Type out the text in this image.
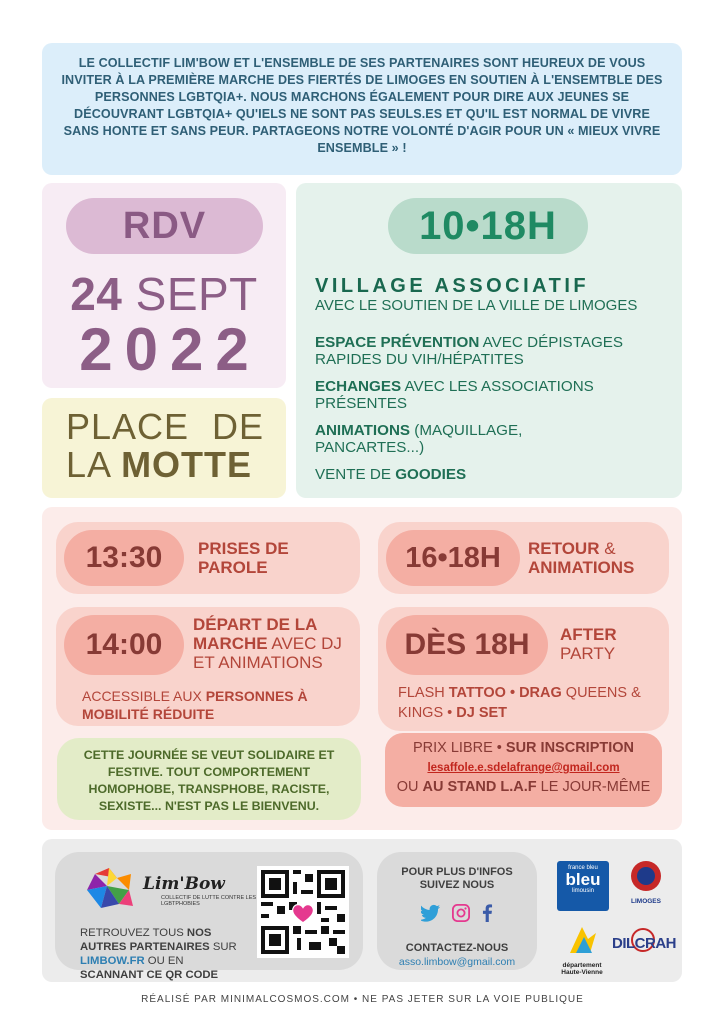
LE COLLECTIF LIM'BOW ET L'ENSEMBLE DE SES PARTENAIRES SONT HEUREUX DE VOUS INVITER À LA PREMIÈRE MARCHE DES FIERTÉS DE LIMOGES EN SOUTIEN À L'ENSEMTBLE DES PERSONNES LGBTQIA+. NOUS MARCHONS ÉGALEMENT POUR DIRE AUX JEUNES SE DÉCOUVRANT LGBTQIA+ QU'IELS NE SONT PAS SEULS.ES ET QU'IL EST NORMAL DE VIVRE SANS HONTE ET SANS PEUR. PARTAGEONS NOTRE VOLONTÉ D'AGIR POUR UN « MIEUX VIVRE ENSEMBLE » !
RDV
24 SEPT
2022
PLACE DE
LA MOTTE
10•18H
VILLAGE ASSOCIATIF
AVEC LE SOUTIEN DE LA VILLE DE LIMOGES
ESPACE PRÉVENTION AVEC DÉPISTAGES RAPIDES DU VIH/HÉPATITES
ECHANGES AVEC LES ASSOCIATIONS PRÉSENTES
ANIMATIONS (MAQUILLAGE, PANCARTES...)
VENTE DE GOODIES
13:30	PRISES DE PAROLE	16•18H	RETOUR &
ANIMATIONS
14:00
DÉPART DE LA MARCHE AVEC DJ ET ANIMATIONS
ACCESSIBLE AUX PERSONNES À MOBILITÉ RÉDUITE
DÈS 18H	AFTER
PARTY
FLASH TATTOO • DRAG QUEENS & KINGS • DJ SET
CETTE JOURNÉE SE VEUT SOLIDAIRE ET FESTIVE. TOUT COMPORTEMENT HOMOPHOBE, TRANSPHOBE, RACISTE, SEXISTE... N'EST PAS LE BIENVENU.
PRIX LIBRE • SUR INSCRIPTION
lesaffole.e.sdelafrange@gmail.com
OU AU STAND L.A.F LE JOUR-MÊME
Lim'Bow
COLLECTIF DE LUTTE CONTRE LES LGBTPHOBIES
RETROUVEZ TOUS NOS AUTRES PARTENAIRES SUR LIMBOW.FR OU EN SCANNANT CE QR CODE
POUR PLUS D'INFOS SUIVEZ NOUS
CONTACTEZ-NOUS
asso.limbow@gmail.com
france bleu
bleu
limousin
LIMOGES
département Haute-Vienne
DILCRAH
RÉALISÉ PAR MINIMALCOSMOS.COM • NE PAS JETER SUR LA VOIE PUBLIQUE
